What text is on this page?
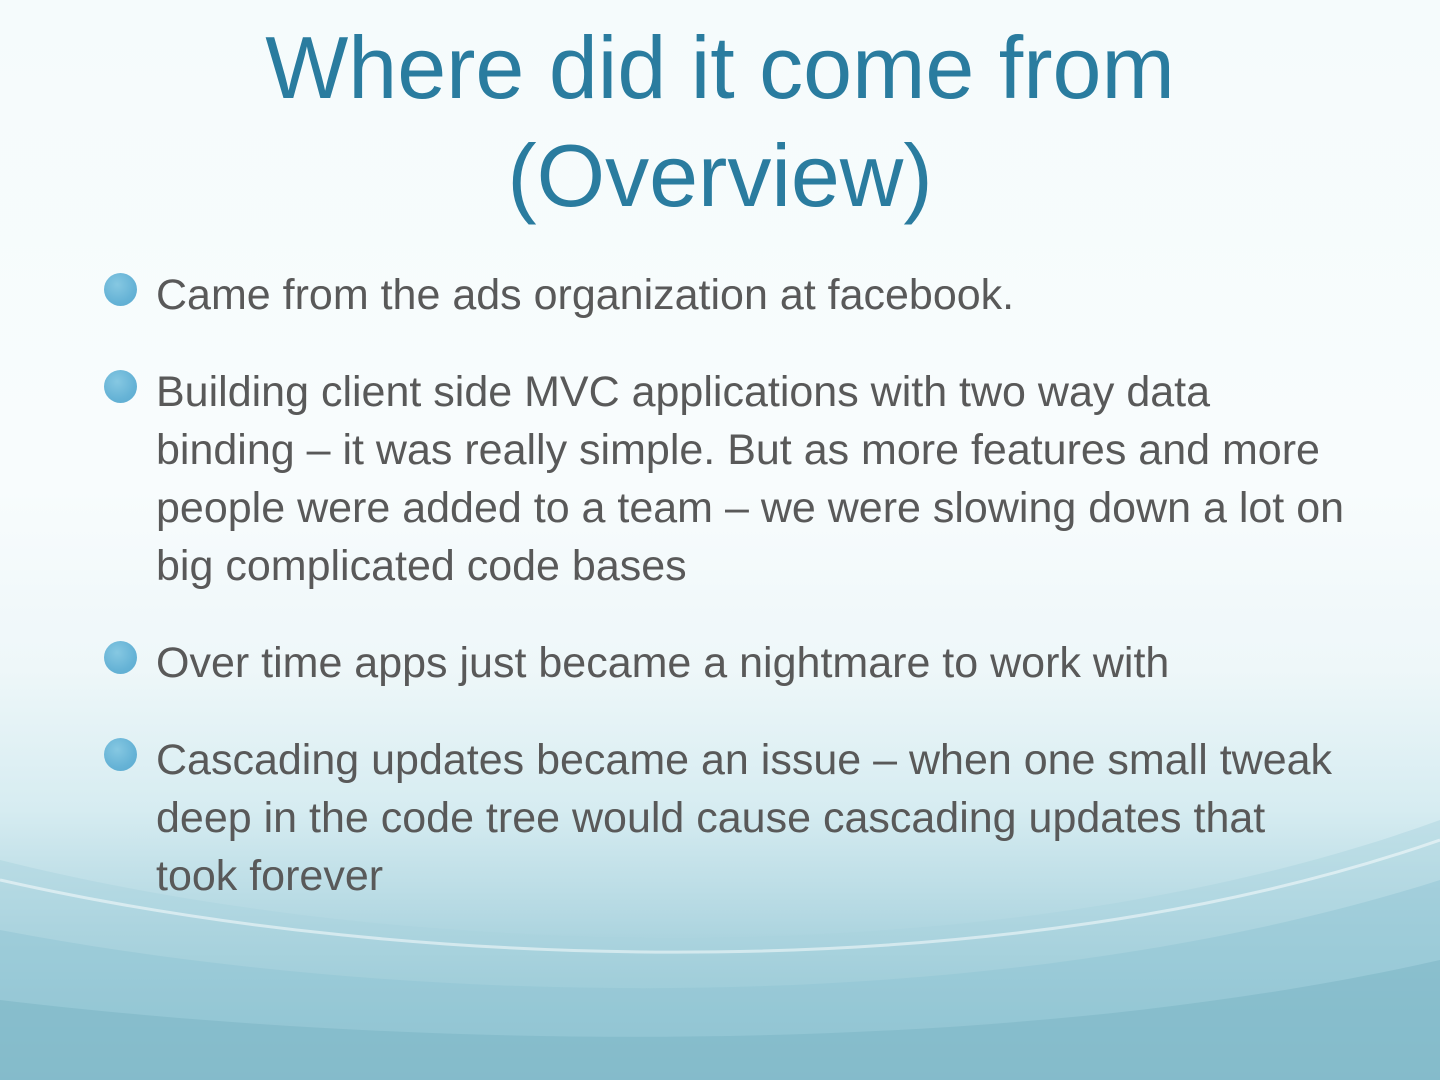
Where did it come from
(Overview)
Came from the ads organization at facebook.
Building client side MVC applications with two way data binding – it was really simple. But as more features and more people were added to a team – we were slowing down a lot on big complicated code bases
Over time apps just became a nightmare to work with
Cascading updates became an issue – when one small tweak deep in the code tree would cause cascading updates that took forever
